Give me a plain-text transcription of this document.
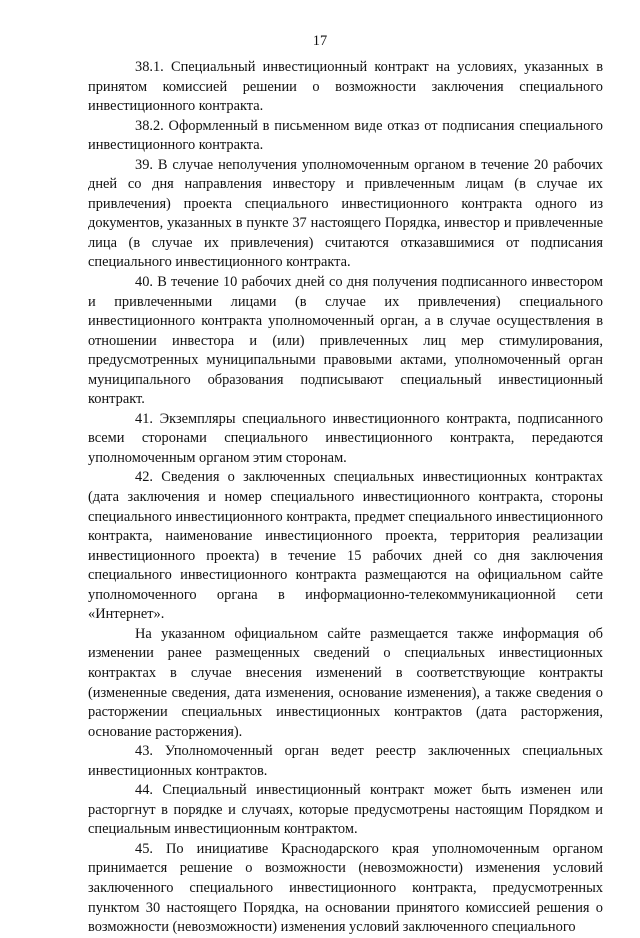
17

38.1. Специальный инвестиционный контракт на условиях, указанных в принятом комиссией решении о возможности заключения специального инвестиционного контракта.

38.2. Оформленный в письменном виде отказ от подписания специального инвестиционного контракта.

39. В случае неполучения уполномоченным органом в течение 20 рабочих дней со дня направления инвестору и привлеченным лицам (в случае их привлечения) проекта специального инвестиционного контракта одного из документов, указанных в пункте 37 настоящего Порядка, инвестор и привлеченные лица (в случае их привлечения) считаются отказавшимися от подписания специального инвестиционного контракта.

40. В течение 10 рабочих дней со дня получения подписанного инвестором и привлеченными лицами (в случае их привлечения) специального инвестиционного контракта уполномоченный орган, а в случае осуществления в отношении инвестора и (или) привлеченных лиц мер стимулирования, предусмотренных муниципальными правовыми актами, уполномоченный орган муниципального образования подписывают специальный инвестиционный контракт.

41. Экземпляры специального инвестиционного контракта, подписанного всеми сторонами специального инвестиционного контракта, передаются уполномоченным органом этим сторонам.

42. Сведения о заключенных специальных инвестиционных контрактах (дата заключения и номер специального инвестиционного контракта, стороны специального инвестиционного контракта, предмет специального инвестиционного контракта, наименование инвестиционного проекта, территория реализации инвестиционного проекта) в течение 15 рабочих дней со дня заключения специального инвестиционного контракта размещаются на официальном сайте уполномоченного органа в информационно-телекоммуникационной сети «Интернет».

На указанном официальном сайте размещается также информация об изменении ранее размещенных сведений о специальных инвестиционных контрактах в случае внесения изменений в соответствующие контракты (измененные сведения, дата изменения, основание изменения), а также сведения о расторжении специальных инвестиционных контрактов (дата расторжения, основание расторжения).

43. Уполномоченный орган ведет реестр заключенных специальных инвестиционных контрактов.

44. Специальный инвестиционный контракт может быть изменен или расторгнут в порядке и случаях, которые предусмотрены настоящим Порядком и специальным инвестиционным контрактом.

45. По инициативе Краснодарского края уполномоченным органом принимается решение о возможности (невозможности) изменения условий заключенного специального инвестиционного контракта, предусмотренных пунктом 30 настоящего Порядка, на основании принятого комиссией решения о возможности (невозможности) изменения условий заключенного специального
